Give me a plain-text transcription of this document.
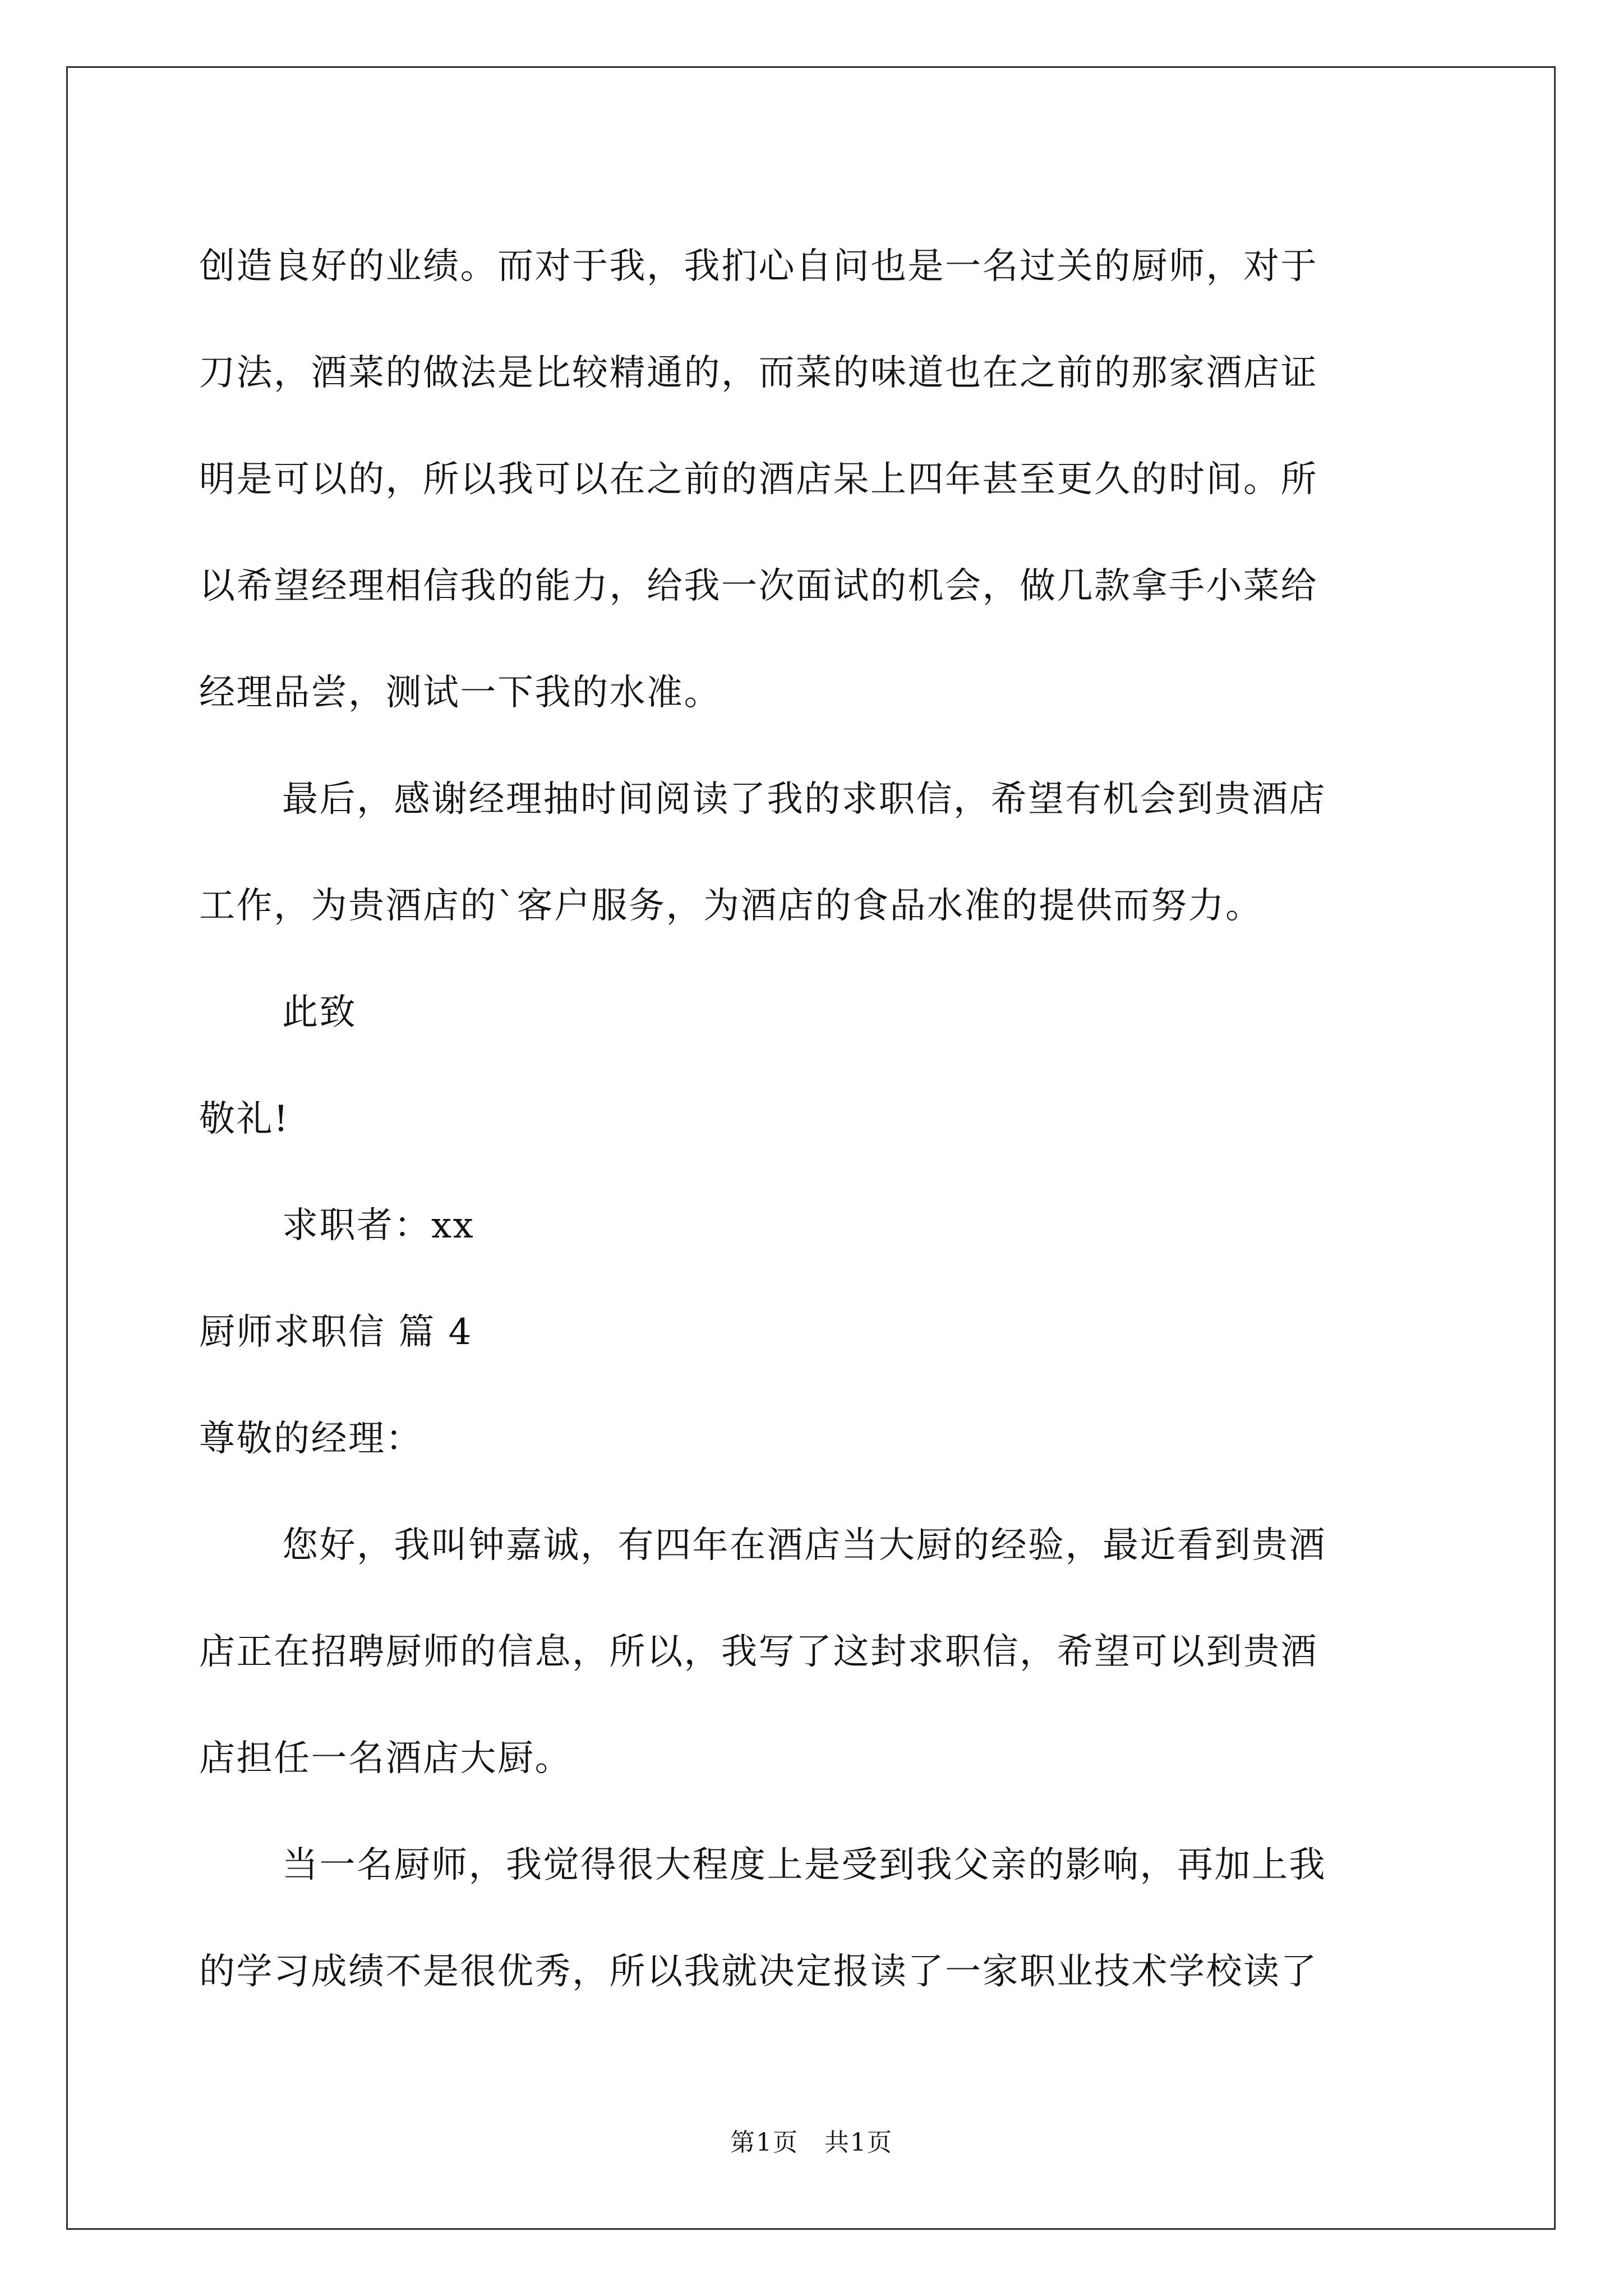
创造良好的业绩。而对于我，我扪心自问也是一名过关的厨师，对于

刀法，酒菜的做法是比较精通的，而菜的味道也在之前的那家酒店证

明是可以的，所以我可以在之前的酒店呆上四年甚至更久的时间。所

以希望经理相信我的能力，给我一次面试的机会，做几款拿手小菜给

经理品尝，测试一下我的水准。

最后，感谢经理抽时间阅读了我的求职信，希望有机会到贵酒店

工作，为贵酒店的`客户服务，为酒店的食品水准的提供而努力。

此致

敬礼!

求职者：xx

厨师求职信 篇 4

尊敬的经理：

您好，我叫钟嘉诚，有四年在酒店当大厨的经验，最近看到贵酒

店正在招聘厨师的信息，所以，我写了这封求职信，希望可以到贵酒

店担任一名酒店大厨。

当一名厨师，我觉得很大程度上是受到我父亲的影响，再加上我

的学习成绩不是很优秀，所以我就决定报读了一家职业技术学校读了

第1页　共1页
